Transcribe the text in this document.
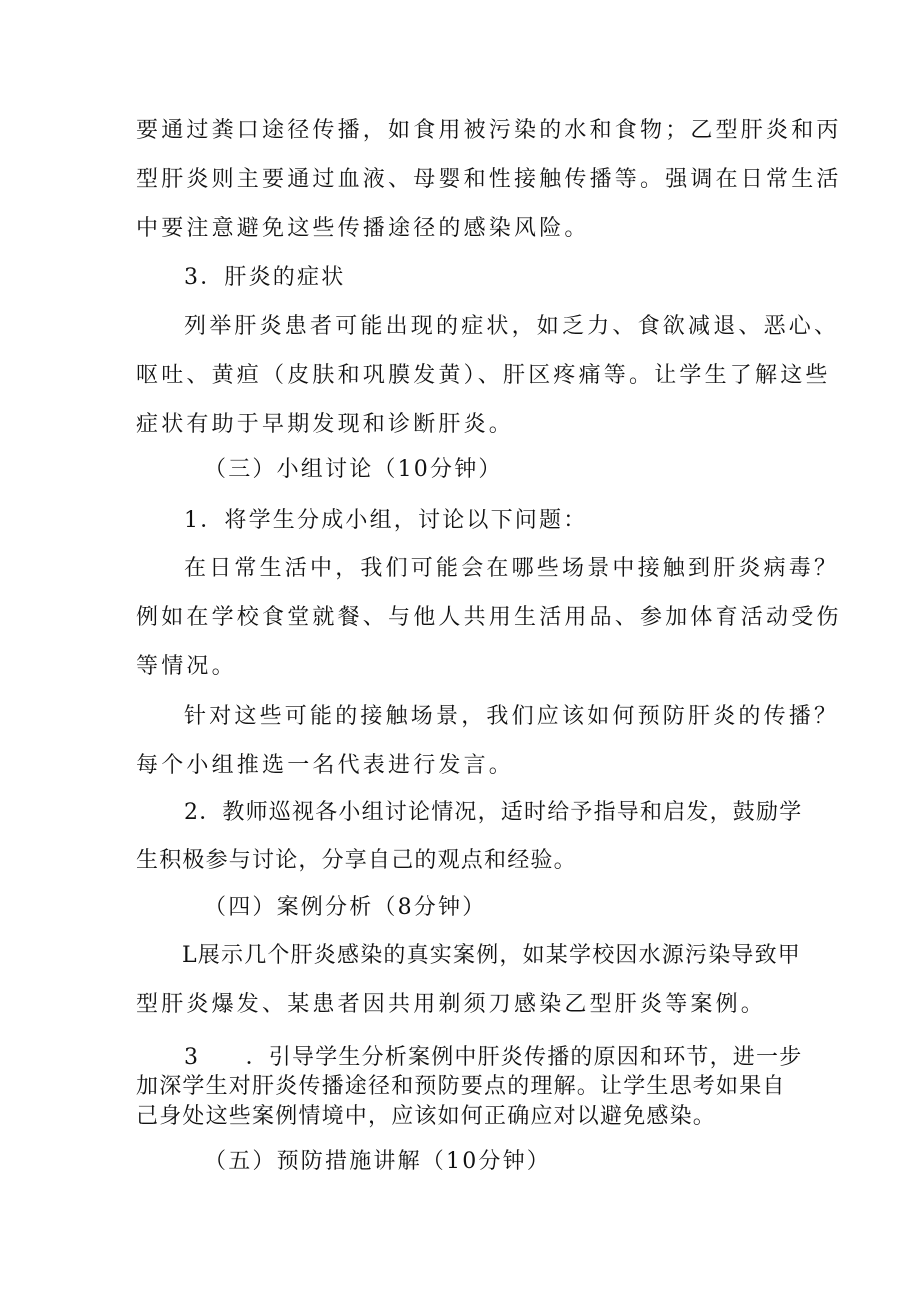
要通过粪口途径传播，如食用被污染的水和食物；乙型肝炎和丙
型肝炎则主要通过血液、母婴和性接触传播等。强调在日常生活
中要注意避免这些传播途径的感染风险。
3．肝炎的症状
列举肝炎患者可能出现的症状，如乏力、食欲减退、恶心、
呕吐、黄疸（皮肤和巩膜发黄）、肝区疼痛等。让学生了解这些
症状有助于早期发现和诊断肝炎。
（三）小组讨论（10分钟）
1．将学生分成小组，讨论以下问题：
在日常生活中，我们可能会在哪些场景中接触到肝炎病毒？
例如在学校食堂就餐、与他人共用生活用品、参加体育活动受伤
等情况。
针对这些可能的接触场景，我们应该如何预防肝炎的传播？
每个小组推选一名代表进行发言。
2．教师巡视各小组讨论情况，适时给予指导和启发，鼓励学
生积极参与讨论，分享自己的观点和经验。
（四）案例分析（8分钟）
L展示几个肝炎感染的真实案例，如某学校因水源污染导致甲
型肝炎爆发、某患者因共用剃须刀感染乙型肝炎等案例。
3　　．引导学生分析案例中肝炎传播的原因和环节，进一步
加深学生对肝炎传播途径和预防要点的理解。让学生思考如果自
己身处这些案例情境中，应该如何正确应对以避免感染。
（五）预防措施讲解（10分钟）
